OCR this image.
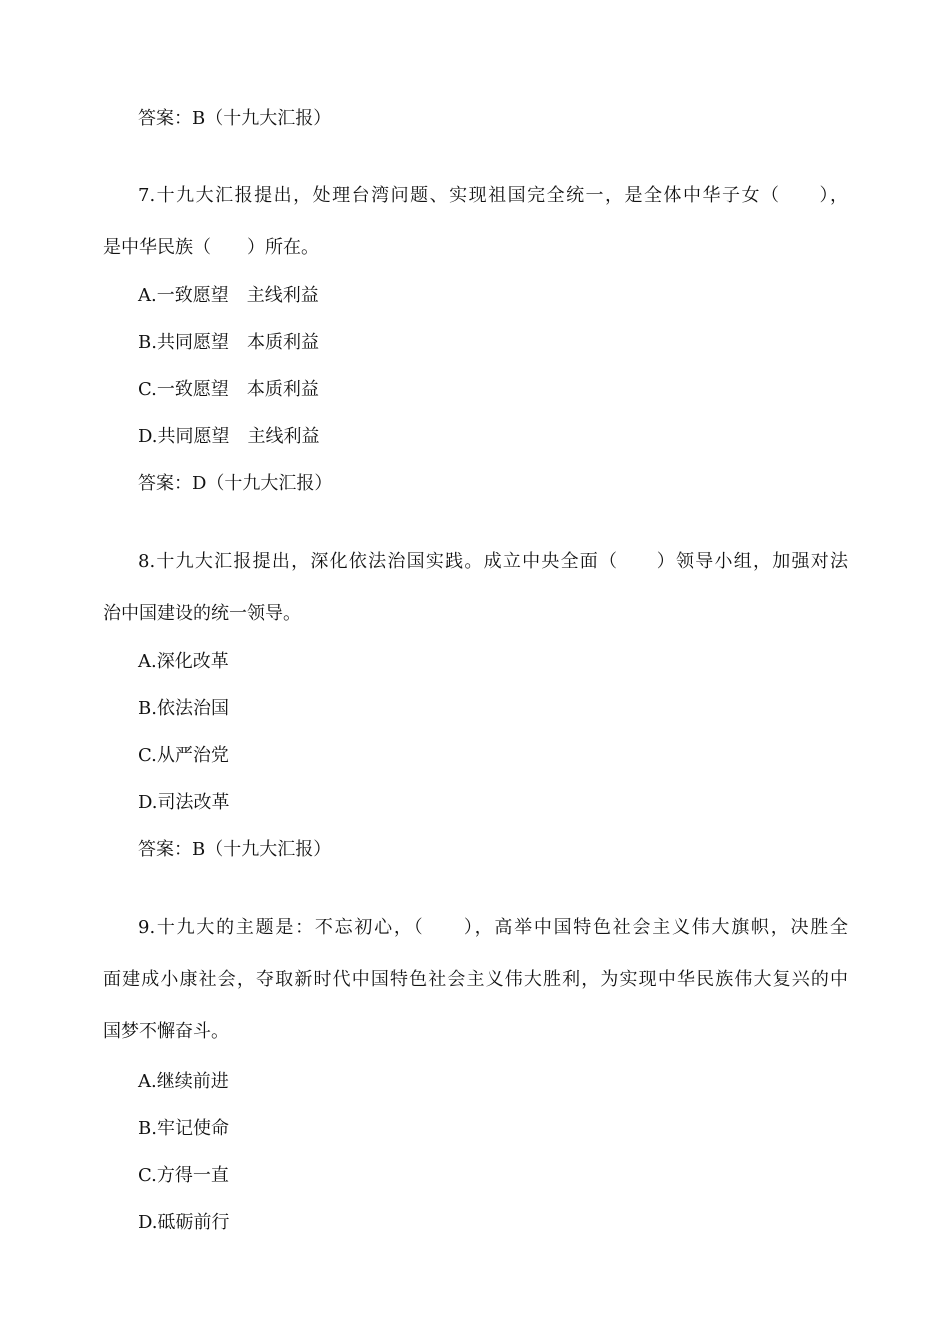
答案：B（十九大汇报）
7.十九大汇报提出，处理台湾问题、实现祖国完全统一，是全体中华子女（　　），
是中华民族（　　）所在。
A.一致愿望　主线利益
B.共同愿望　本质利益
C.一致愿望　本质利益
D.共同愿望　主线利益
答案：D（十九大汇报）
8.十九大汇报提出，深化依法治国实践。成立中央全面（　　）领导小组，加强对法
治中国建设的统一领导。
A.深化改革
B.依法治国
C.从严治党
D.司法改革
答案：B（十九大汇报）
9.十九大的主题是：不忘初心，（　　），高举中国特色社会主义伟大旗帜，决胜全
面建成小康社会，夺取新时代中国特色社会主义伟大胜利，为实现中华民族伟大复兴的中
国梦不懈奋斗。
A.继续前进
B.牢记使命
C.方得一直
D.砥砺前行
